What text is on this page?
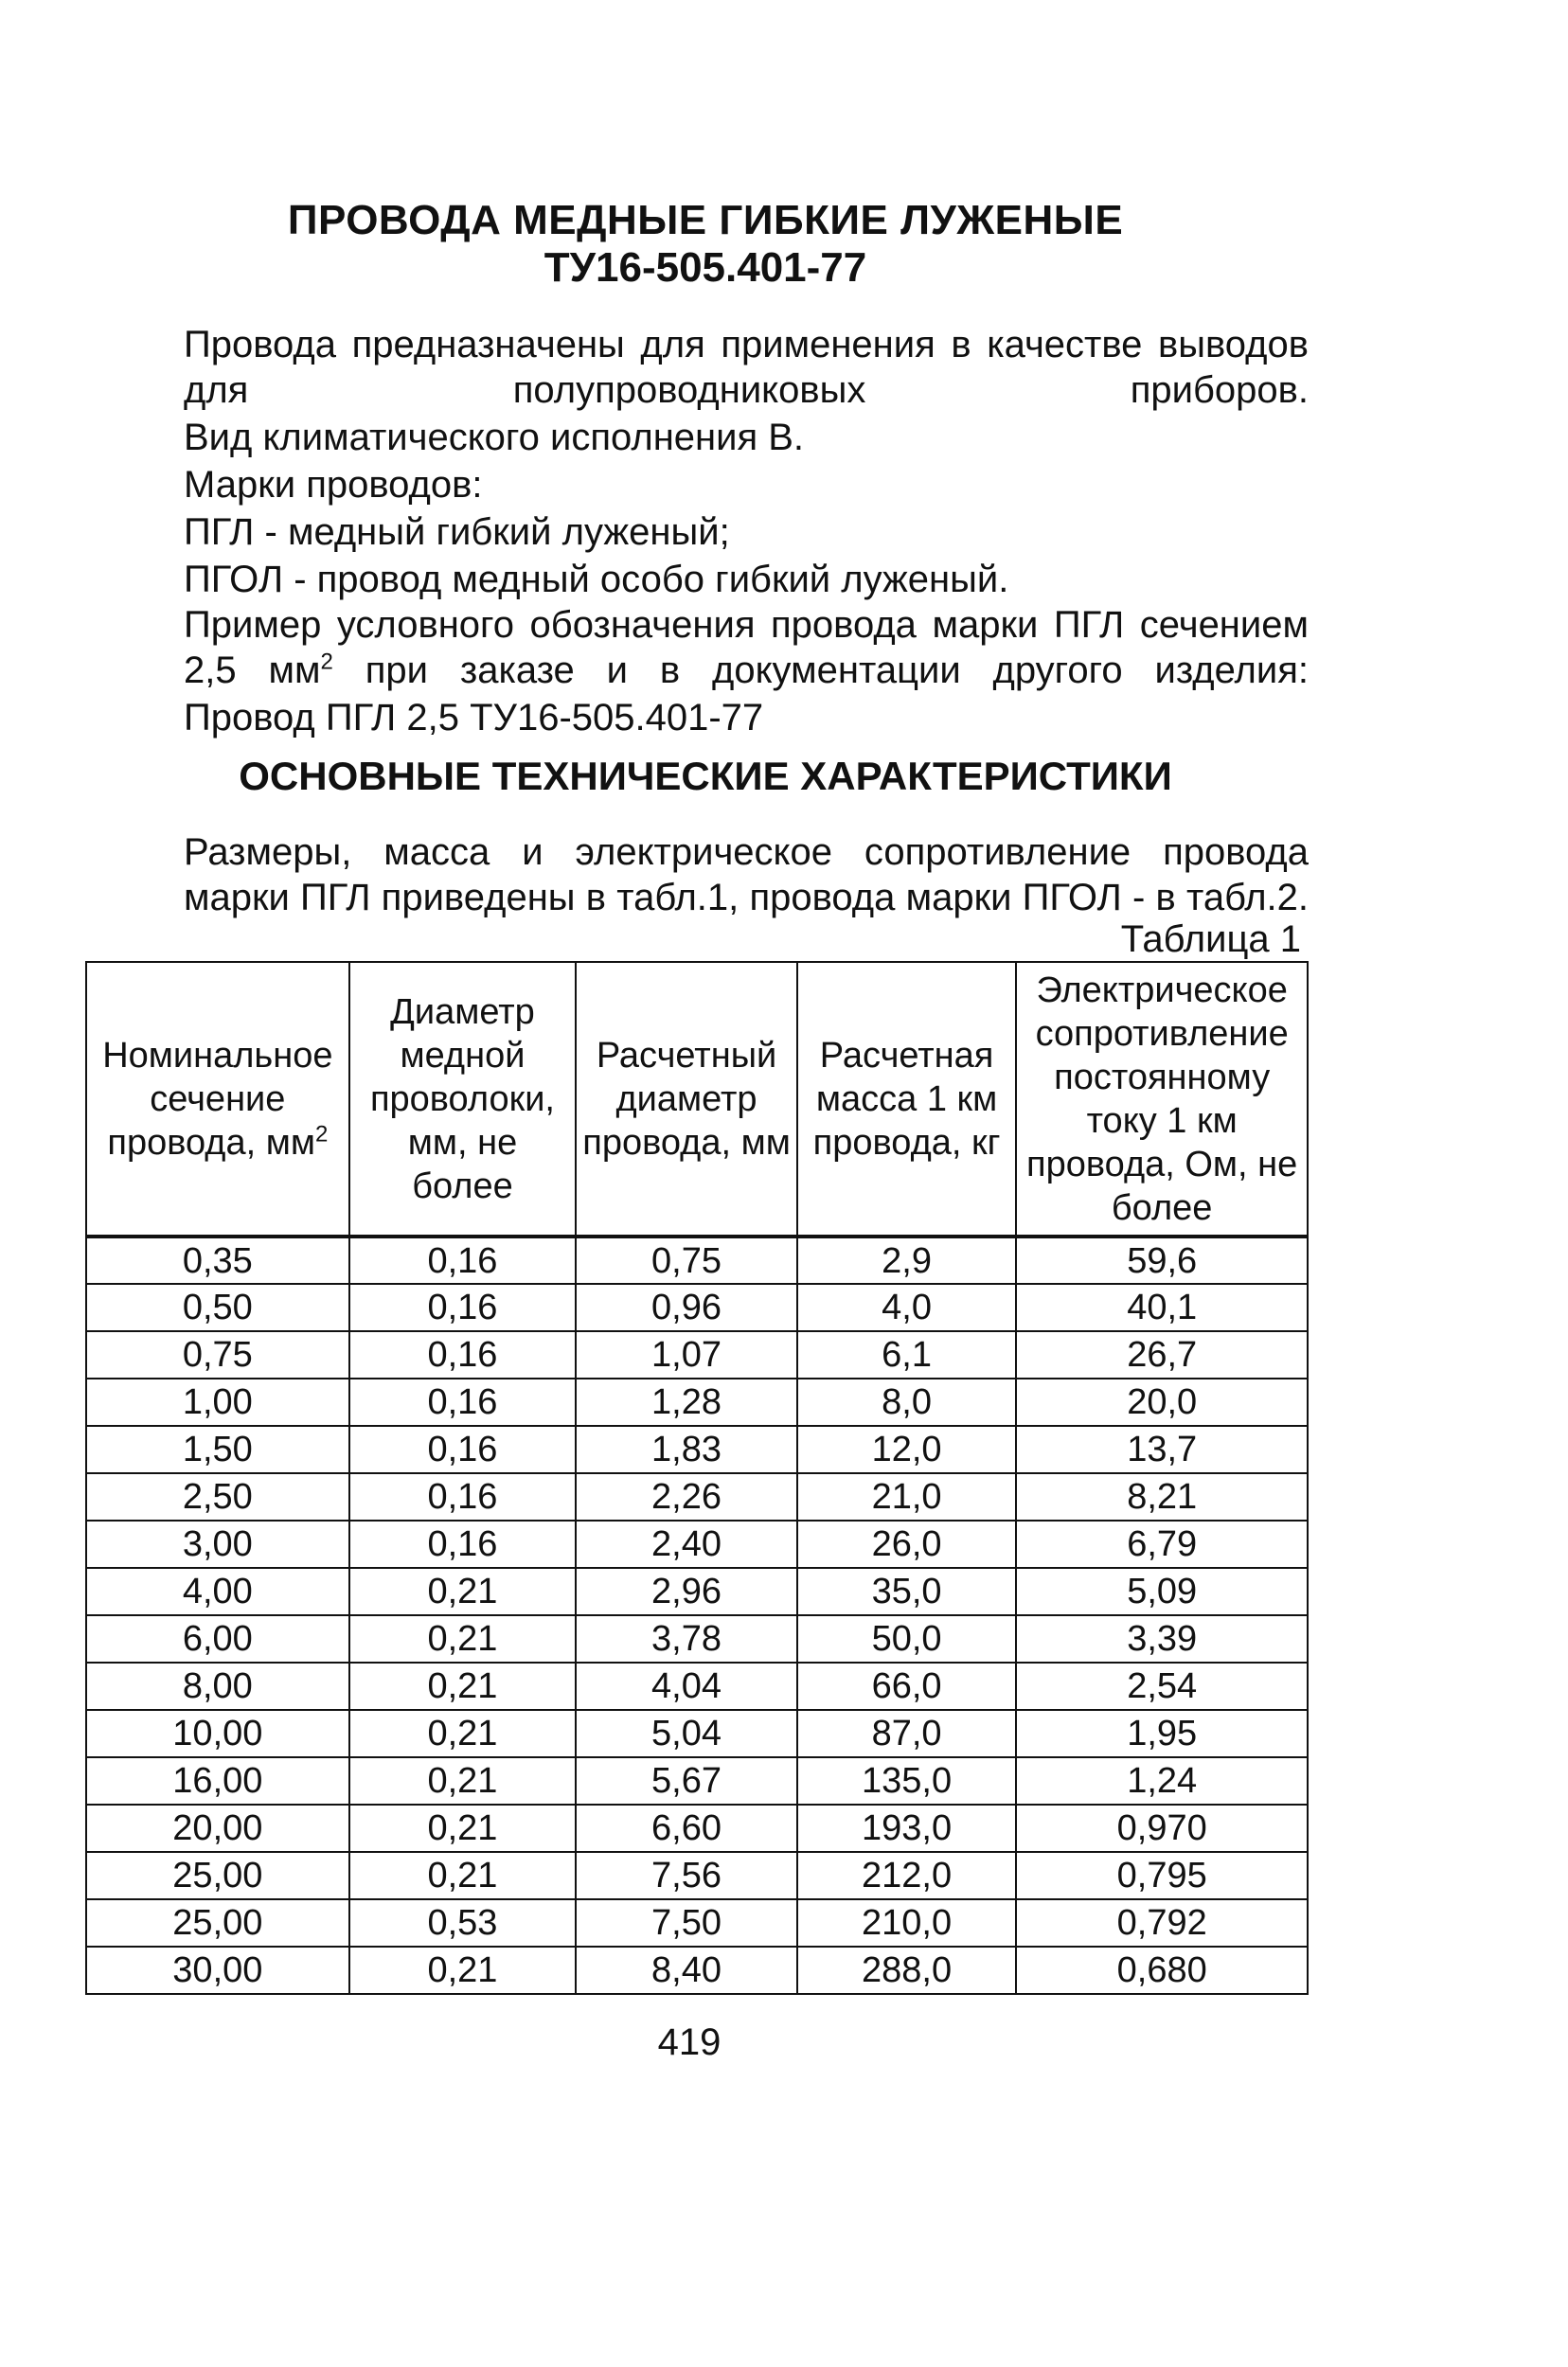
ПРОВОДА МЕДНЫЕ ГИБКИЕ ЛУЖЕНЫЕ
ТУ16-505.401-77
Провода предназначены для применения в качестве выводов для полупроводниковых приборов.
Вид климатического исполнения В.
Марки проводов:
ПГЛ - медный гибкий луженый;
ПГОЛ - провод медный особо гибкий луженый.
Пример условного обозначения провода марки ПГЛ сечением 2,5 $мм^2$ при заказе и в документации другого изделия:
Провод ПГЛ 2,5 ТУ16-505.401-77
ОСНОВНЫЕ ТЕХНИЧЕСКИЕ ХАРАКТЕРИСТИКИ
Размеры, масса и электрическое сопротивление провода марки ПГЛ приведены в табл.1, провода марки ПГОЛ - в табл.2.
Таблица 1
Номинальное сечение провода, $мм^2$	Диаметр медной проволоки, мм, не более	Расчетный диаметр провода, мм	Расчетная масса 1 км провода, кг	Электрическое сопротивление постоянному току 1 км провода, Ом, не более
0,35	0,16	0,75	2,9	59,6
0,50	0,16	0,96	4,0	40,1
0,75	0,16	1,07	6,1	26,7
1,00	0,16	1,28	8,0	20,0
1,50	0,16	1,83	12,0	13,7
2,50	0,16	2,26	21,0	8,21
3,00	0,16	2,40	26,0	6,79
4,00	0,21	2,96	35,0	5,09
6,00	0,21	3,78	50,0	3,39
8,00	0,21	4,04	66,0	2,54
10,00	0,21	5,04	87,0	1,95
16,00	0,21	5,67	135,0	1,24
20,00	0,21	6,60	193,0	0,970
25,00	0,21	7,56	212,0	0,795
25,00	0,53	7,50	210,0	0,792
30,00	0,21	8,40	288,0	0,680
419
